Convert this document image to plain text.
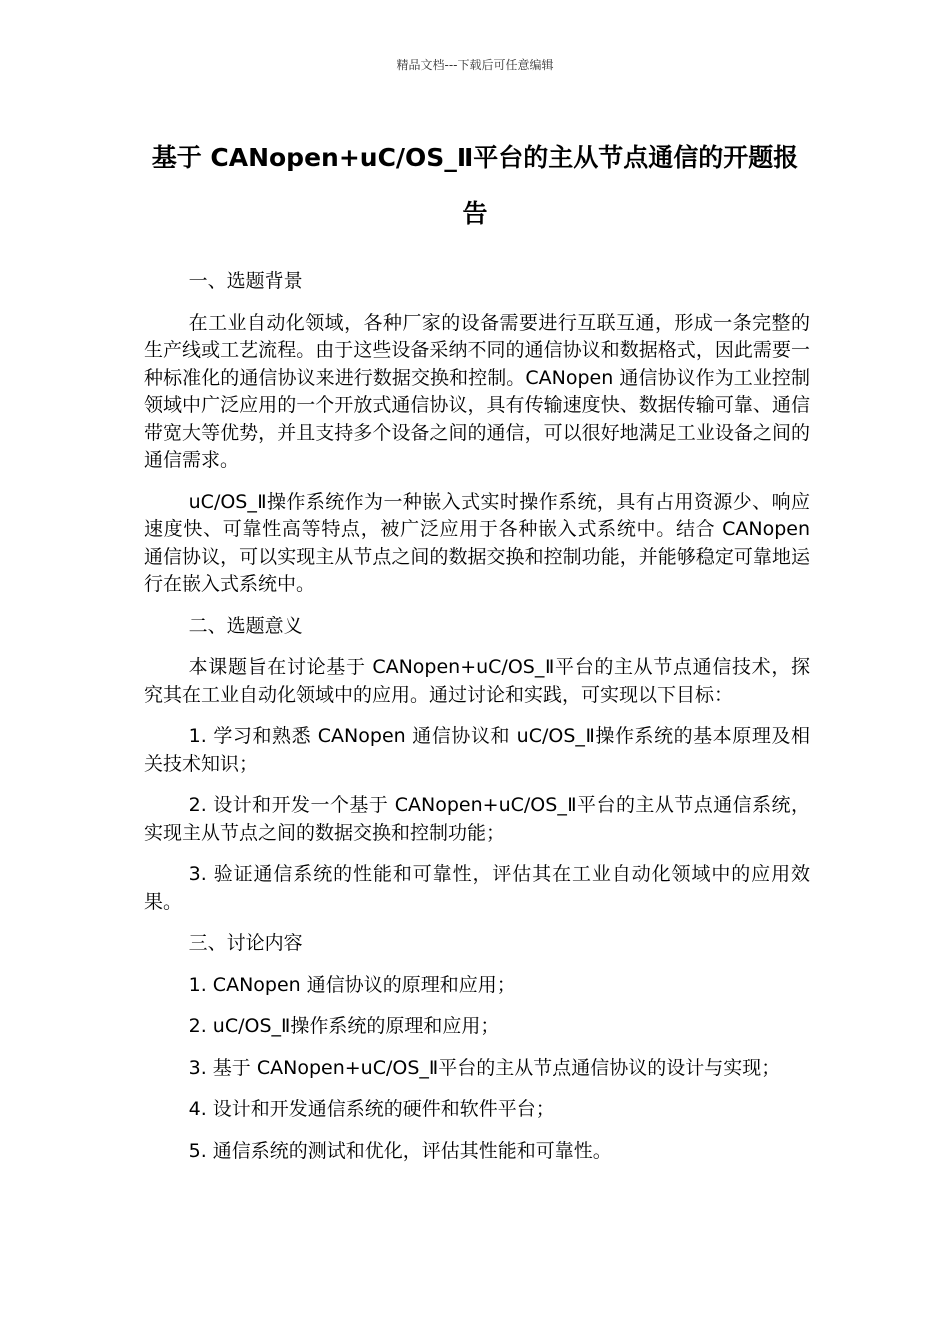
精品文档---下载后可任意编辑
基于 CANopen+uC/OS_Ⅱ平台的主从节点通信的开题报告

一、选题背景

在工业自动化领域，各种厂家的设备需要进行互联互通，形成一条完整的生产线或工艺流程。由于这些设备采纳不同的通信协议和数据格式，因此需要一种标准化的通信协议来进行数据交换和控制。CANopen 通信协议作为工业控制领域中广泛应用的一个开放式通信协议，具有传输速度快、数据传输可靠、通信带宽大等优势，并且支持多个设备之间的通信，可以很好地满足工业设备之间的通信需求。

uC/OS_Ⅱ操作系统作为一种嵌入式实时操作系统，具有占用资源少、响应速度快、可靠性高等特点，被广泛应用于各种嵌入式系统中。结合 CANopen 通信协议，可以实现主从节点之间的数据交换和控制功能，并能够稳定可靠地运行在嵌入式系统中。

二、选题意义

本课题旨在讨论基于 CANopen+uC/OS_Ⅱ平台的主从节点通信技术，探究其在工业自动化领域中的应用。通过讨论和实践，可实现以下目标：

1. 学习和熟悉 CANopen 通信协议和 uC/OS_Ⅱ操作系统的基本原理及相关技术知识；

2. 设计和开发一个基于 CANopen+uC/OS_Ⅱ平台的主从节点通信系统，实现主从节点之间的数据交换和控制功能；

3. 验证通信系统的性能和可靠性，评估其在工业自动化领域中的应用效果。

三、讨论内容

1. CANopen 通信协议的原理和应用；

2. uC/OS_Ⅱ操作系统的原理和应用；

3. 基于 CANopen+uC/OS_Ⅱ平台的主从节点通信协议的设计与实现；

4. 设计和开发通信系统的硬件和软件平台；

5. 通信系统的测试和优化，评估其性能和可靠性。
